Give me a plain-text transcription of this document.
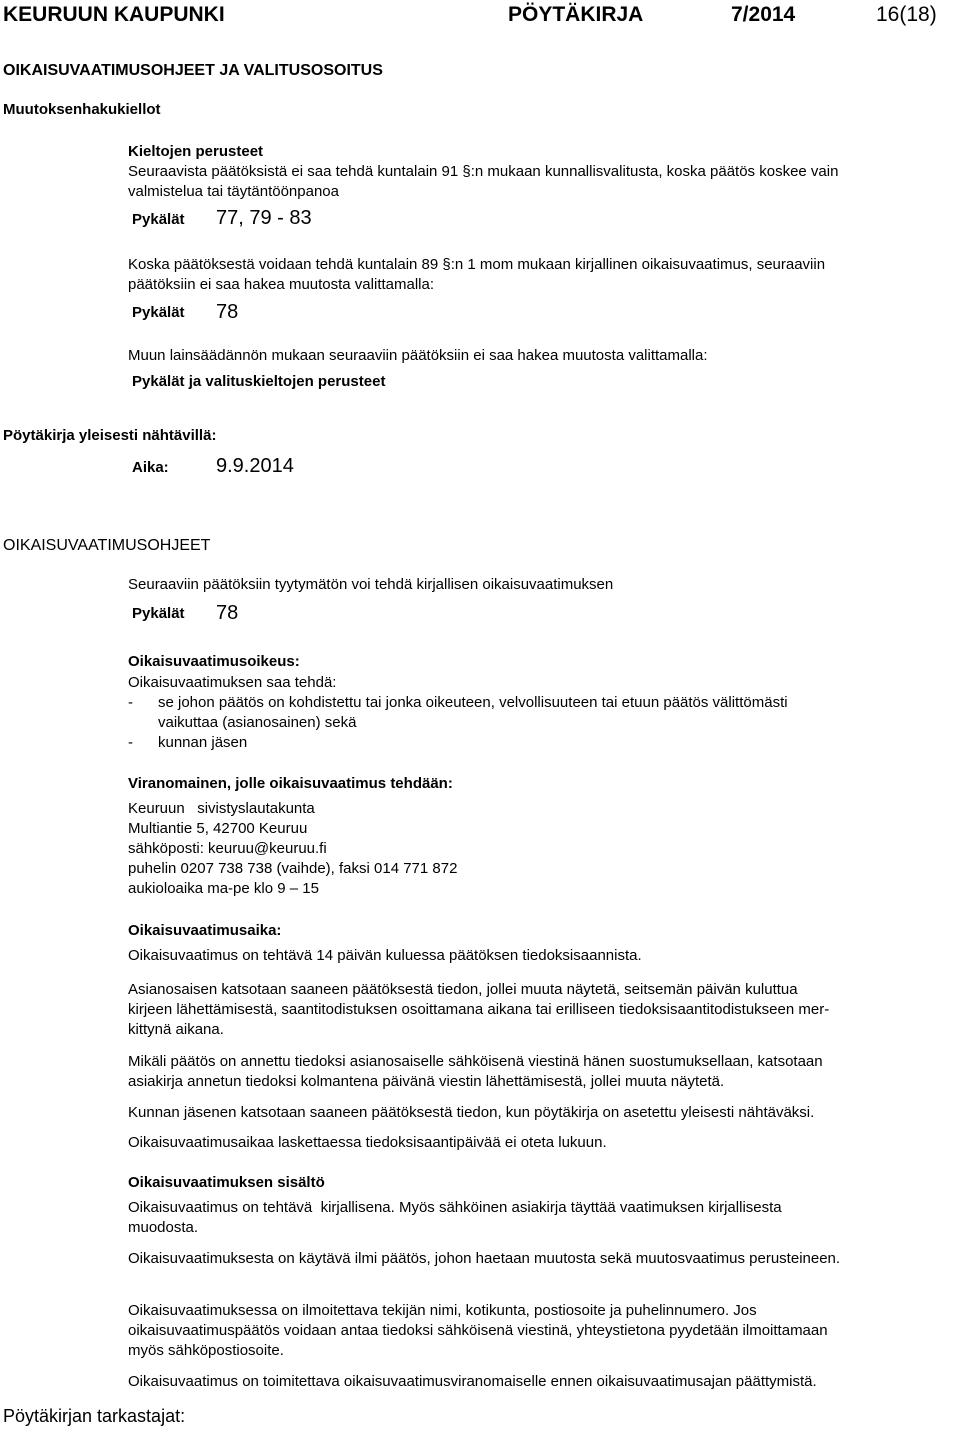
KEURUUN KAUPUNKI	PÖYTÄKIRJA	7/2014	16(18)
OIKAISUVAATIMUSOHJEET JA VALITUSOSOITUS
Muutoksenhakukiellot
Kieltojen perusteet
Seuraavista päätöksistä ei saa tehdä kuntalain 91 §:n mukaan kunnallisvalitusta, koska päätös koskee vain
valmistelua tai täytäntöönpanoa
Pykälät 77, 79 - 83
Koska päätöksestä voidaan tehdä kuntalain 89 §:n 1 mom mukaan kirjallinen oikaisuvaatimus, seuraaviin
päätöksiin ei saa hakea muutosta valittamalla:
Pykälät 78
Muun lainsäädännön mukaan seuraaviin päätöksiin ei saa hakea muutosta valittamalla:
Pykälät ja valituskieltojen perusteet
Pöytäkirja yleisesti nähtävillä:
Aika: 9.9.2014
OIKAISUVAATIMUSOHJEET
Seuraaviin päätöksiin tyytymätön voi tehdä kirjallisen oikaisuvaatimuksen
Pykälät 78
Oikaisuvaatimusoikeus:
Oikaisuvaatimuksen saa tehdä:
- se johon päätös on kohdistettu tai jonka oikeuteen, velvollisuuteen tai etuun päätös välittömästi
vaikuttaa (asianosainen) sekä
- kunnan jäsen
Viranomainen, jolle oikaisuvaatimus tehdään:
Keuruun   sivistyslautakunta
Multiantie 5, 42700 Keuruu
sähköposti: keuruu@keuruu.fi
puhelin 0207 738 738 (vaihde), faksi 014 771 872
aukioloaika ma-pe klo 9 – 15
Oikaisuvaatimusaika:
Oikaisuvaatimus on tehtävä 14 päivän kuluessa päätöksen tiedoksisaannista.
Asianosaisen katsotaan saaneen päätöksestä tiedon, jollei muuta näytetä, seitsemän päivän kuluttua
kirjeen lähettämisestä, saantitodistuksen osoittamana aikana tai erilliseen tiedoksisaantitodistukseen mer-
kittynä aikana.
Mikäli päätös on annettu tiedoksi asianosaiselle sähköisenä viestinä hänen suostumuksellaan, katsotaan
asiakirja annetun tiedoksi kolmantena päivänä viestin lähettämisestä, jollei muuta näytetä.
Kunnan jäsenen katsotaan saaneen päätöksestä tiedon, kun pöytäkirja on asetettu yleisesti nähtäväksi.
Oikaisuvaatimusaikaa laskettaessa tiedoksisaantipäivää ei oteta lukuun.
Oikaisuvaatimuksen sisältö
Oikaisuvaatimus on tehtävä  kirjallisena. Myös sähköinen asiakirja täyttää vaatimuksen kirjallisesta
muodosta.
Oikaisuvaatimuksesta on käytävä ilmi päätös, johon haetaan muutosta sekä muutosvaatimus perusteineen.
Oikaisuvaatimuksessa on ilmoitettava tekijän nimi, kotikunta, postiosoite ja puhelinnumero. Jos
oikaisuvaatimuspäätös voidaan antaa tiedoksi sähköisenä viestinä, yhteystietona pyydetään ilmoittamaan
myös sähköpostiosoite.
Oikaisuvaatimus on toimitettava oikaisuvaatimusviranomaiselle ennen oikaisuvaatimusajan päättymistä.
Pöytäkirjan tarkastajat:
